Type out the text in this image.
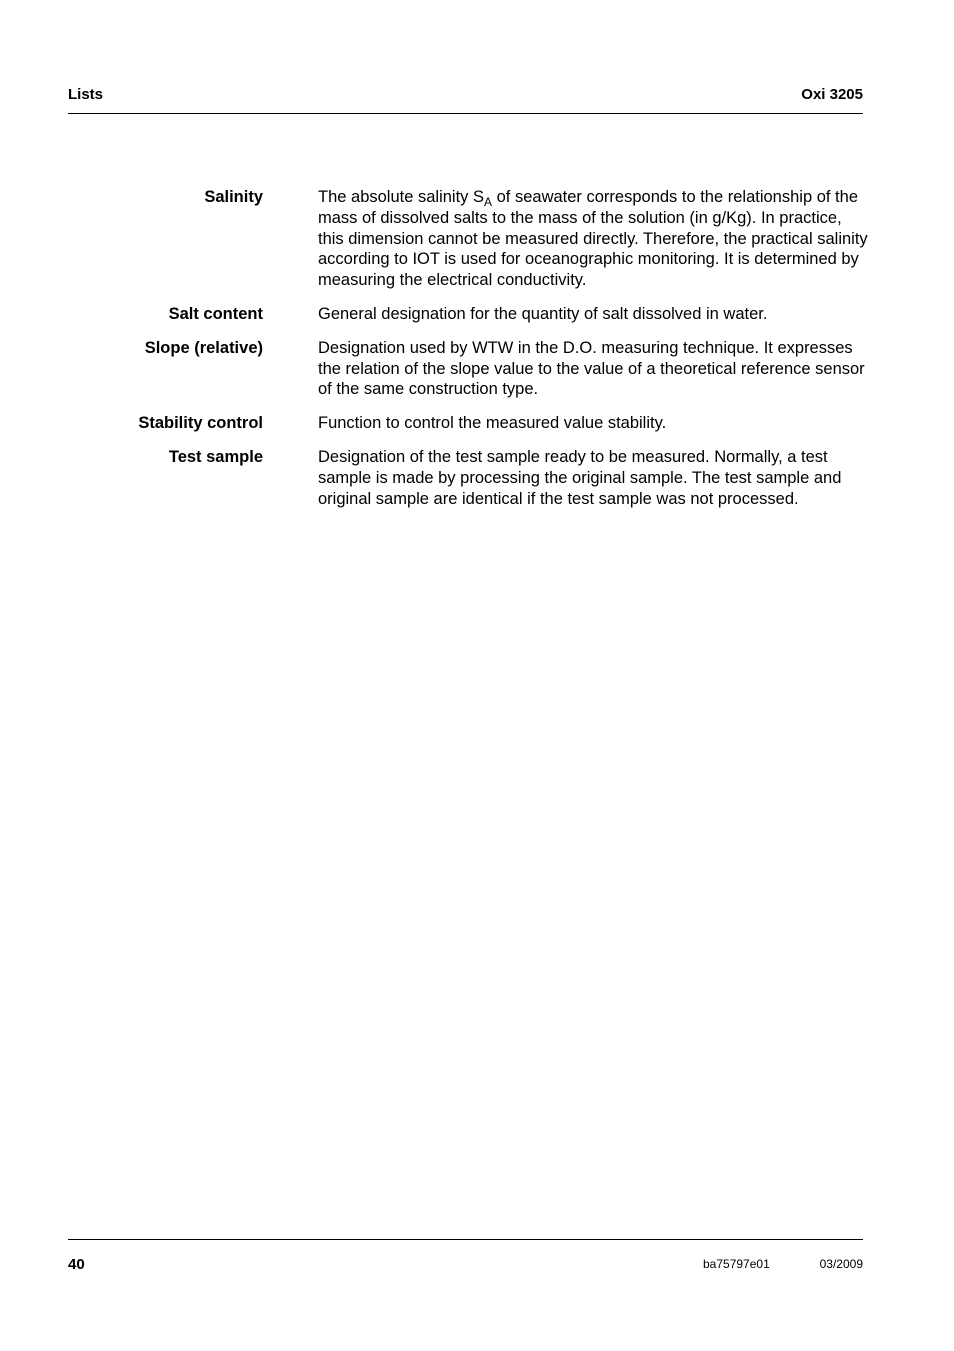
Lists	Oxi 3205
Salinity	The absolute salinity $S_A$ of seawater corresponds to the relationship of the mass of dissolved salts to the mass of the solution (in g/Kg). In practice, this dimension cannot be measured directly. Therefore, the practical salinity according to IOT is used for oceanographic monitoring. It is determined by measuring the electrical conductivity.
Salt content	General designation for the quantity of salt dissolved in water.
Slope (relative)	Designation used by WTW in the D.O. measuring technique. It expresses the relation of the slope value to the value of a theoretical reference sensor of the same construction type.
Stability control	Function to control the measured value stability.
Test sample	Designation of the test sample ready to be measured. Normally, a test sample is made by processing the original sample. The test sample and original sample are identical if the test sample was not processed.
40	ba75797e01	03/2009
